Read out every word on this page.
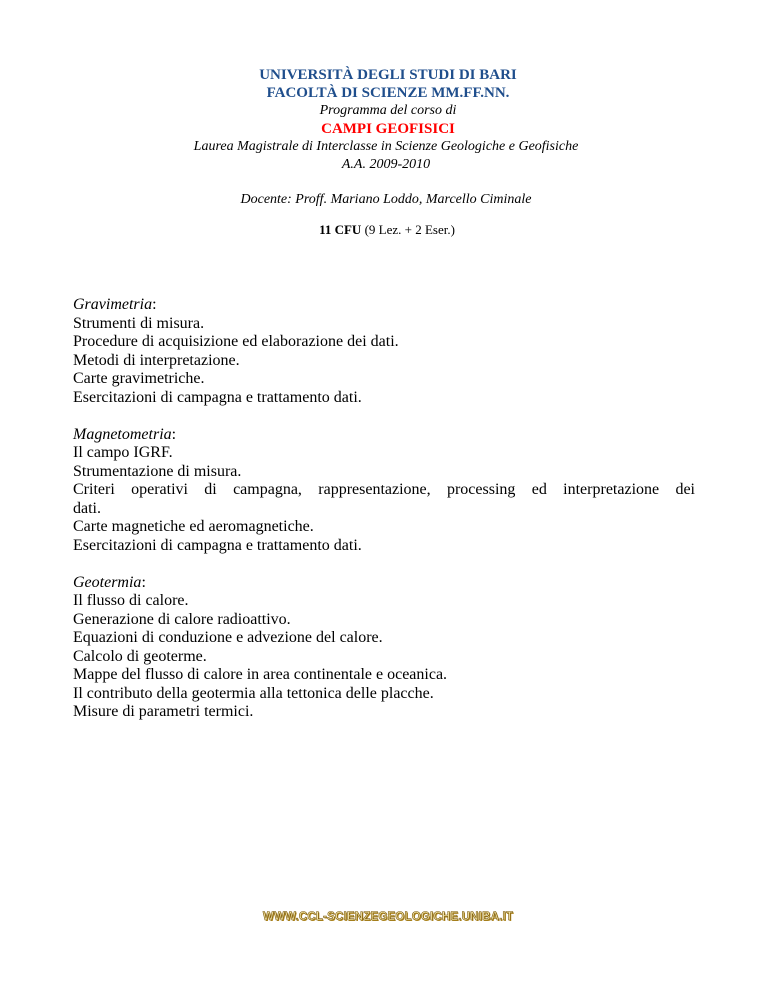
UNIVERSITÀ DEGLI STUDI DI BARI
FACOLTÀ DI SCIENZE MM.FF.NN.
Programma del corso di
CAMPI GEOFISICI
Laurea Magistrale di Interclasse in Scienze Geologiche e Geofisiche
A.A. 2009-2010
Docente: Proff. Mariano Loddo, Marcello Ciminale
11 CFU (9 Lez. + 2 Eser.)
Gravimetria:
Strumenti di misura.
Procedure di acquisizione ed elaborazione dei dati.
Metodi di interpretazione.
Carte gravimetriche.
Esercitazioni di campagna e trattamento dati.
Magnetometria:
Il campo IGRF.
Strumentazione di misura.
Criteri operativi di campagna, rappresentazione, processing ed interpretazione dei
dati.
Carte magnetiche ed aeromagnetiche.
Esercitazioni di campagna e trattamento dati.
Geotermia:
Il flusso di calore.
Generazione di calore radioattivo.
Equazioni di conduzione e advezione del calore.
Calcolo di geoterme.
Mappe del flusso di calore in area continentale e oceanica.
Il contributo della geotermia alla tettonica delle placche.
Misure di parametri termici.
WWW.CCL-SCIENZEGEOLOGICHE.UNIBA.IT
